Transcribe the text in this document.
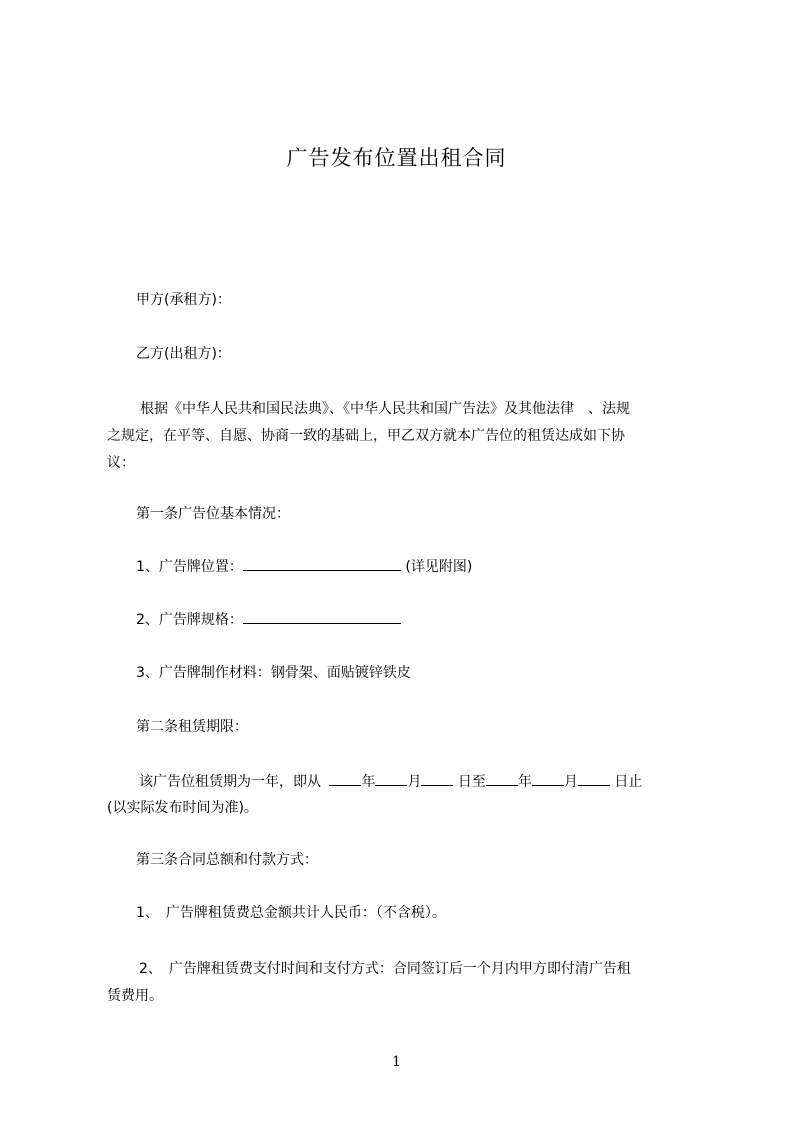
广告发布位置出租合同
甲方(承租方)：
乙方(出租方)：
根据《中华人民共和国民法典》、《中华人民共和国广告法》及其他法律　、法规
之规定，在平等、自愿、协商一致的基础上，甲乙双方就本广告位的租赁达成如下协
议：
第一条广告位基本情况：
1、广告牌位置：	(详见附图)
2、广告牌规格：
3、广告牌制作材料：钢骨架、面贴镀锌铁皮
第二条租赁期限：
该广告位租赁期为一年，即从	年 月	日至 年 月	日止
(以实际发布时间为准)。
第三条合同总额和付款方式：
1、　广告牌租赁费总金额共计人民币：（不含税）。
2、　广告牌租赁费支付时间和支付方式：合同签订后一个月内甲方即付清广告租
赁费用。
1
